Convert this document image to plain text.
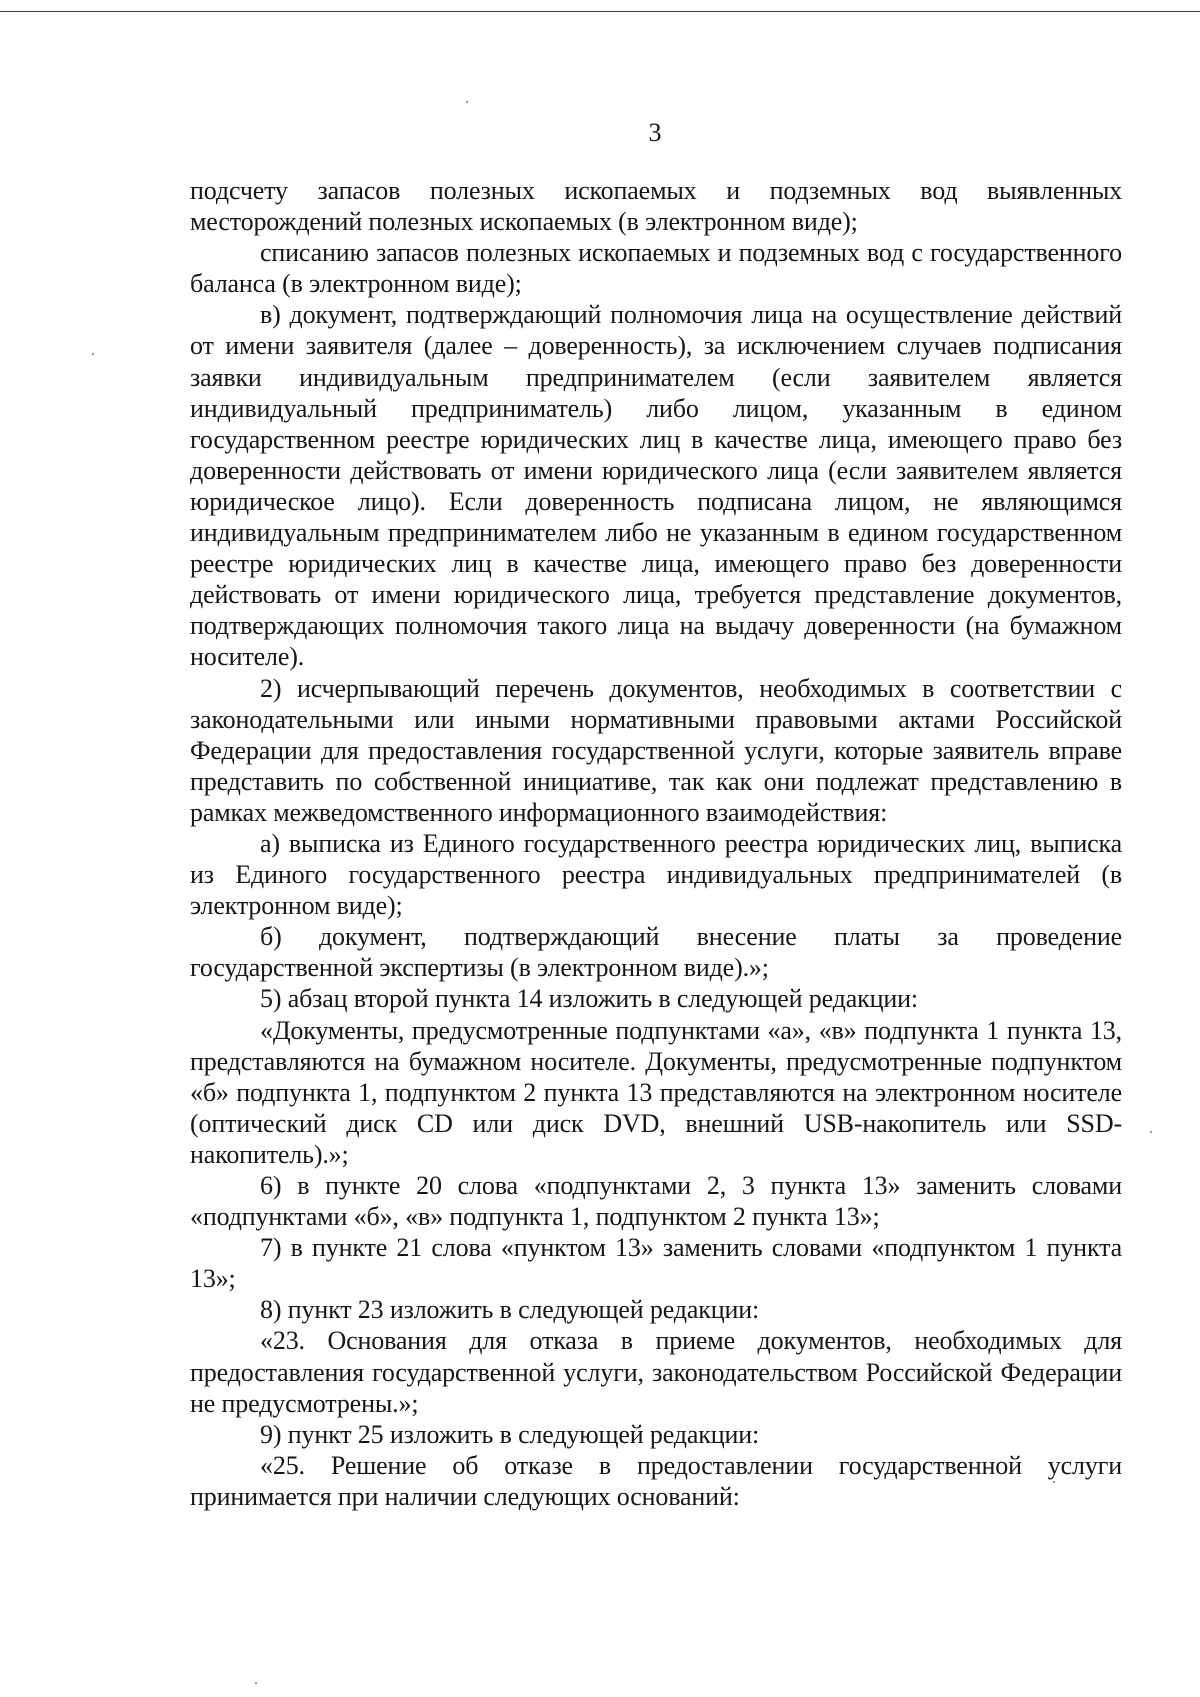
3

подсчету запасов полезных ископаемых и подземных вод выявленных месторождений полезных ископаемых (в электронном виде);

списанию запасов полезных ископаемых и подземных вод с государственного баланса (в электронном виде);

в) документ, подтверждающий полномочия лица на осуществление действий от имени заявителя (далее – доверенность), за исключением случаев подписания заявки индивидуальным предпринимателем (если заявителем является индивидуальный предприниматель) либо лицом, указанным в едином государственном реестре юридических лиц в качестве лица, имеющего право без доверенности действовать от имени юридического лица (если заявителем является юридическое лицо). Если доверенность подписана лицом, не являющимся индивидуальным предпринимателем либо не указанным в едином государственном реестре юридических лиц в качестве лица, имеющего право без доверенности действовать от имени юридического лица, требуется представление документов, подтверждающих полномочия такого лица на выдачу доверенности (на бумажном носителе).

2) исчерпывающий перечень документов, необходимых в соответствии с законодательными или иными нормативными правовыми актами Российской Федерации для предоставления государственной услуги, которые заявитель вправе представить по собственной инициативе, так как они подлежат представлению в рамках межведомственного информационного взаимодействия:

а) выписка из Единого государственного реестра юридических лиц, выписка из Единого государственного реестра индивидуальных предпринимателей (в электронном виде);

б) документ, подтверждающий внесение платы за проведение государственной экспертизы (в электронном виде).»;

5) абзац второй пункта 14 изложить в следующей редакции:

«Документы, предусмотренные подпунктами «а», «в» подпункта 1 пункта 13, представляются на бумажном носителе. Документы, предусмотренные подпунктом «б» подпункта 1, подпунктом 2 пункта 13 представляются на электронном носителе (оптический диск CD или диск DVD, внешний USB-накопитель или SSD-накопитель).»;

6) в пункте 20 слова «подпунктами 2, 3 пункта 13» заменить словами «подпунктами «б», «в» подпункта 1, подпунктом 2 пункта 13»;

7) в пункте 21 слова «пунктом 13» заменить словами «подпунктом 1 пункта 13»;

8) пункт 23 изложить в следующей редакции:

«23. Основания для отказа в приеме документов, необходимых для предоставления государственной услуги, законодательством Российской Федерации не предусмотрены.»;

9) пункт 25 изложить в следующей редакции:

«25. Решение об отказе в предоставлении государственной услуги принимается при наличии следующих оснований:
